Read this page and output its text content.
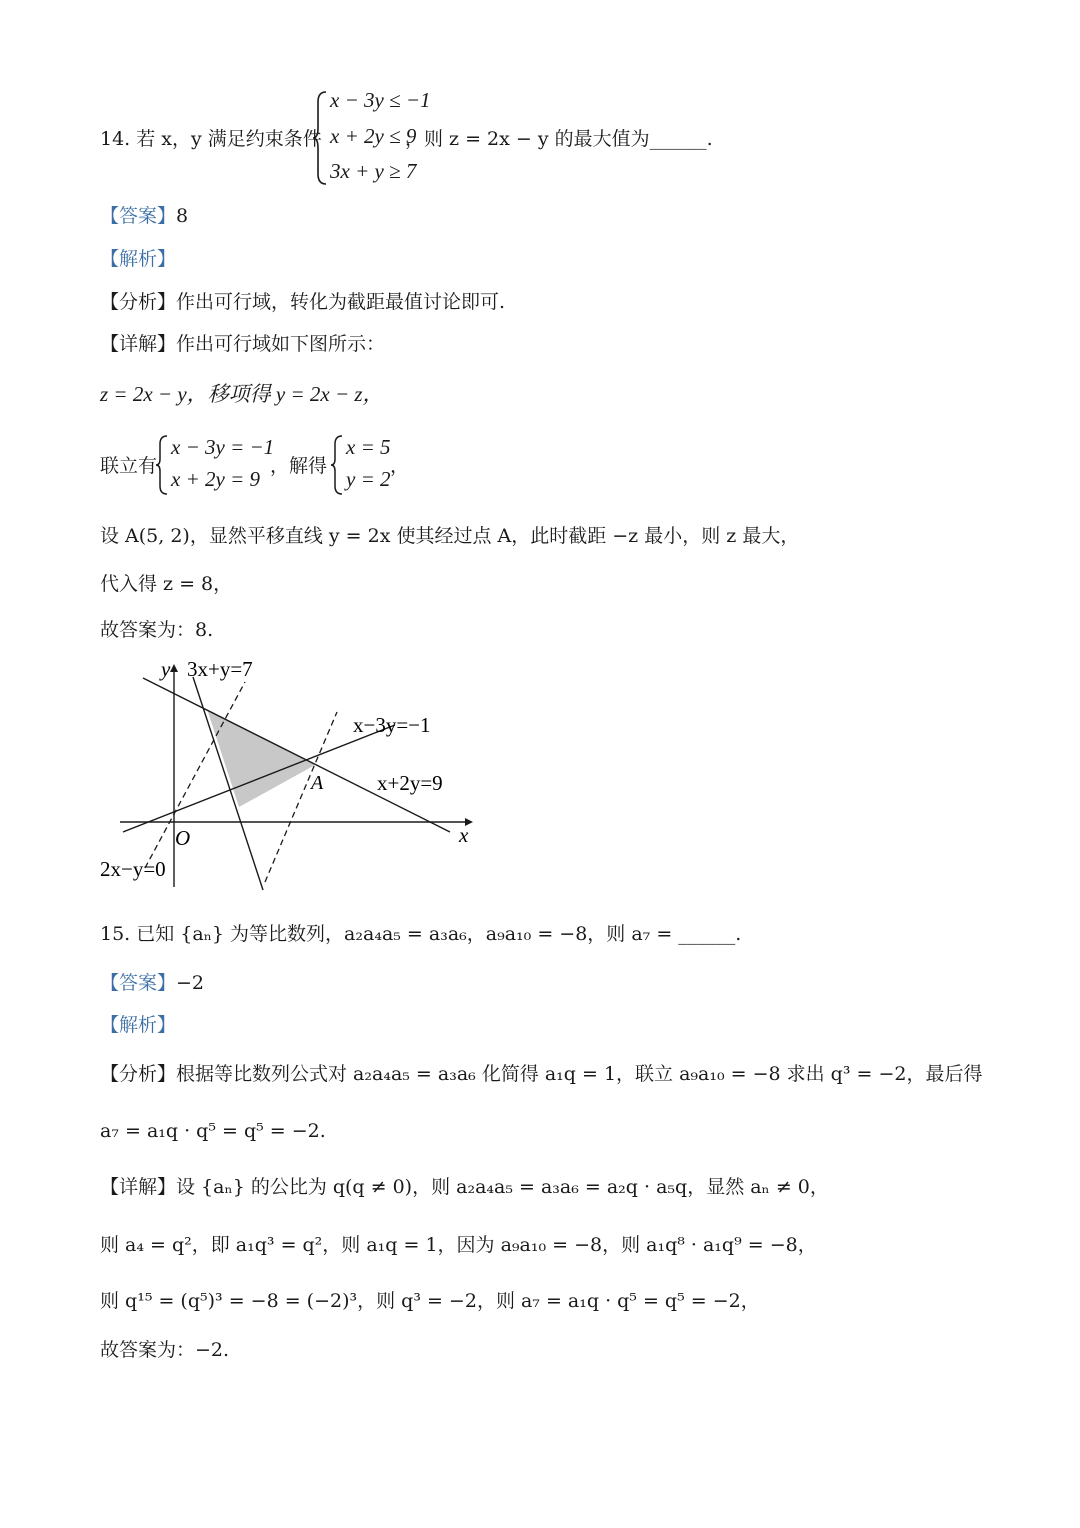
14. 若 x，y 满足约束条件
x − 3y ≤ −1
x + 2y ≤ 9
3x + y ≥ 7
，则 z = 2x − y 的最大值为______.
【答案】8
【解析】
【分析】作出可行域，转化为截距最值讨论即可.
【详解】作出可行域如下图所示：
z = 2x − y，移项得 y = 2x − z，
联立有
x − 3y = −1
x + 2y = 9
，解得
x = 5
y = 2
，
设 A(5, 2)，显然平移直线 y = 2x 使其经过点 A，此时截距 −z 最小，则 z 最大，
代入得 z = 8，
故答案为：8.
y
x
O
A
3x+y=7
x−3y=−1
x+2y=9
2x−y=0
15. 已知 {aₙ} 为等比数列，a₂a₄a₅ = a₃a₆，a₉a₁₀ = −8，则 a₇ = ______.
【答案】−2
【解析】
【分析】根据等比数列公式对 a₂a₄a₅ = a₃a₆ 化简得 a₁q = 1，联立 a₉a₁₀ = −8 求出 q³ = −2，最后得
a₇ = a₁q · q⁵ = q⁵ = −2.
【详解】设 {aₙ} 的公比为 q(q ≠ 0)，则 a₂a₄a₅ = a₃a₆ = a₂q · a₅q，显然 aₙ ≠ 0，
则 a₄ = q²，即 a₁q³ = q²，则 a₁q = 1，因为 a₉a₁₀ = −8，则 a₁q⁸ · a₁q⁹ = −8，
则 q¹⁵ = (q⁵)³ = −8 = (−2)³，则 q³ = −2，则 a₇ = a₁q · q⁵ = q⁵ = −2，
故答案为：−2.
